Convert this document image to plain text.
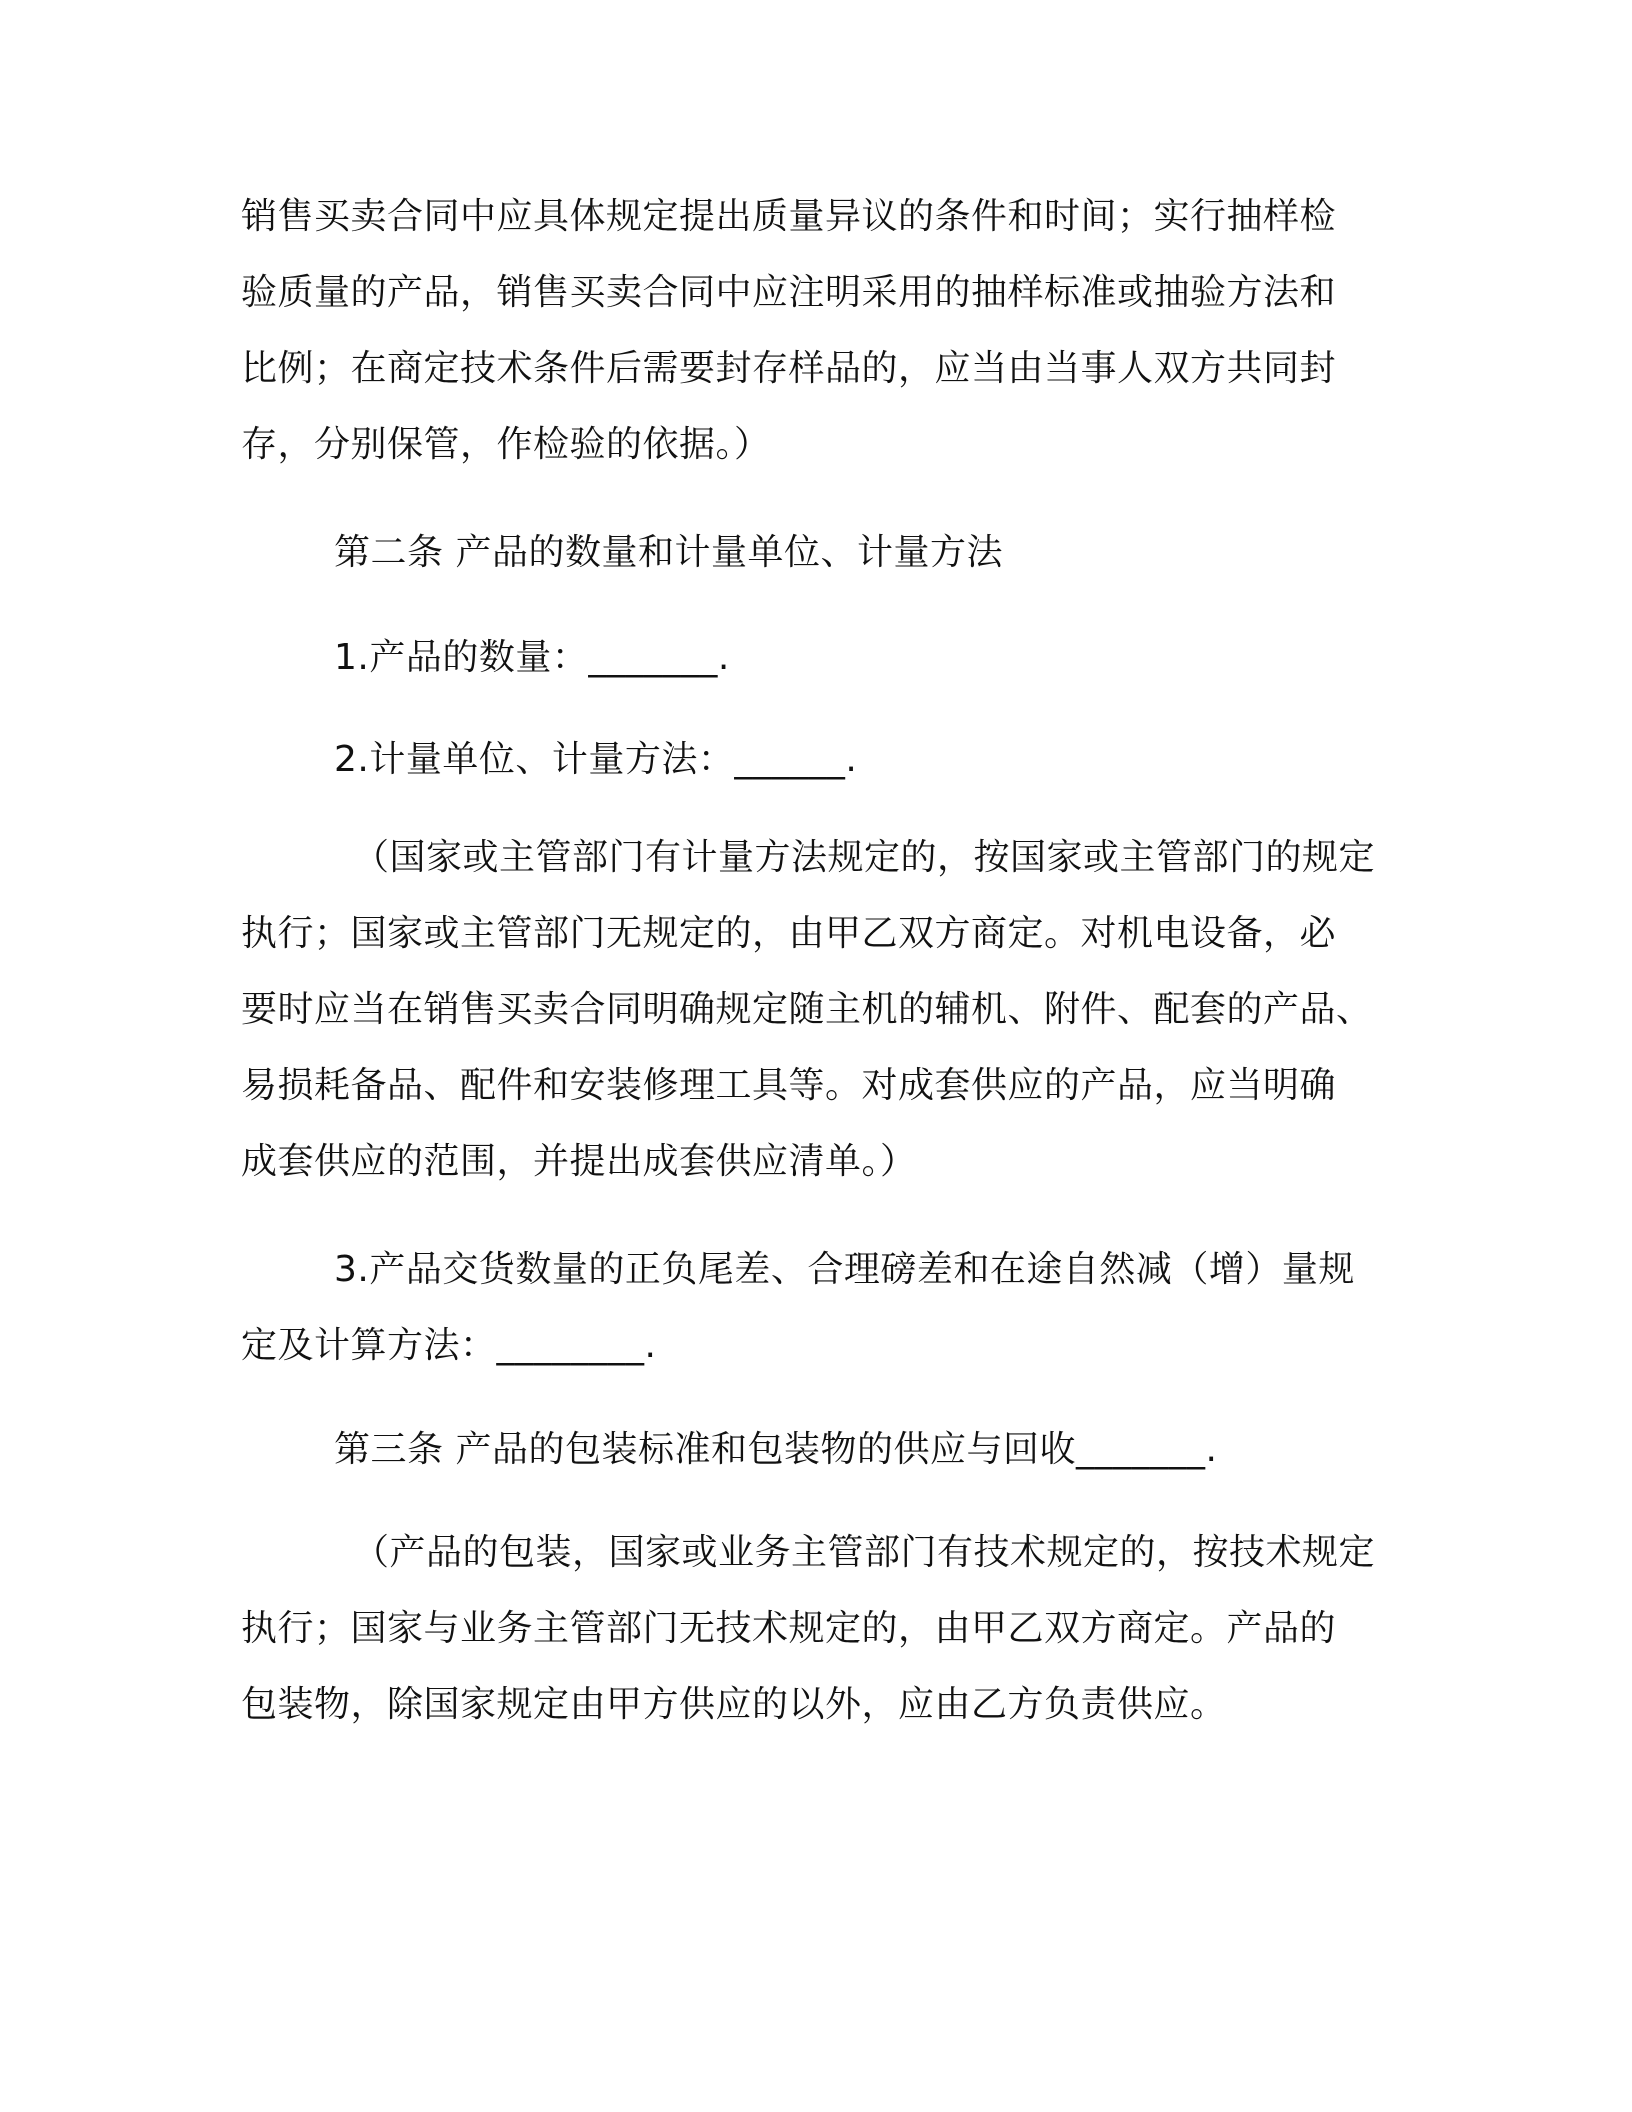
销售买卖合同中应具体规定提出质量异议的条件和时间；实行抽样检
验质量的产品，销售买卖合同中应注明采用的抽样标准或抽验方法和
比例；在商定技术条件后需要封存样品的，应当由当事人双方共同封
存，分别保管，作检验的依据。）
第二条 产品的数量和计量单位、计量方法
1.产品的数量：_______.
2.计量单位、计量方法：______.
（国家或主管部门有计量方法规定的，按国家或主管部门的规定
执行；国家或主管部门无规定的，由甲乙双方商定。对机电设备，必
要时应当在销售买卖合同明确规定随主机的辅机、附件、配套的产品、
易损耗备品、配件和安装修理工具等。对成套供应的产品，应当明确
成套供应的范围，并提出成套供应清单。）
3.产品交货数量的正负尾差、合理磅差和在途自然减（增）量规
定及计算方法：________.
第三条 产品的包装标准和包装物的供应与回收_______.
（产品的包装，国家或业务主管部门有技术规定的，按技术规定
执行；国家与业务主管部门无技术规定的，由甲乙双方商定。产品的
包装物，除国家规定由甲方供应的以外，应由乙方负责供应。
